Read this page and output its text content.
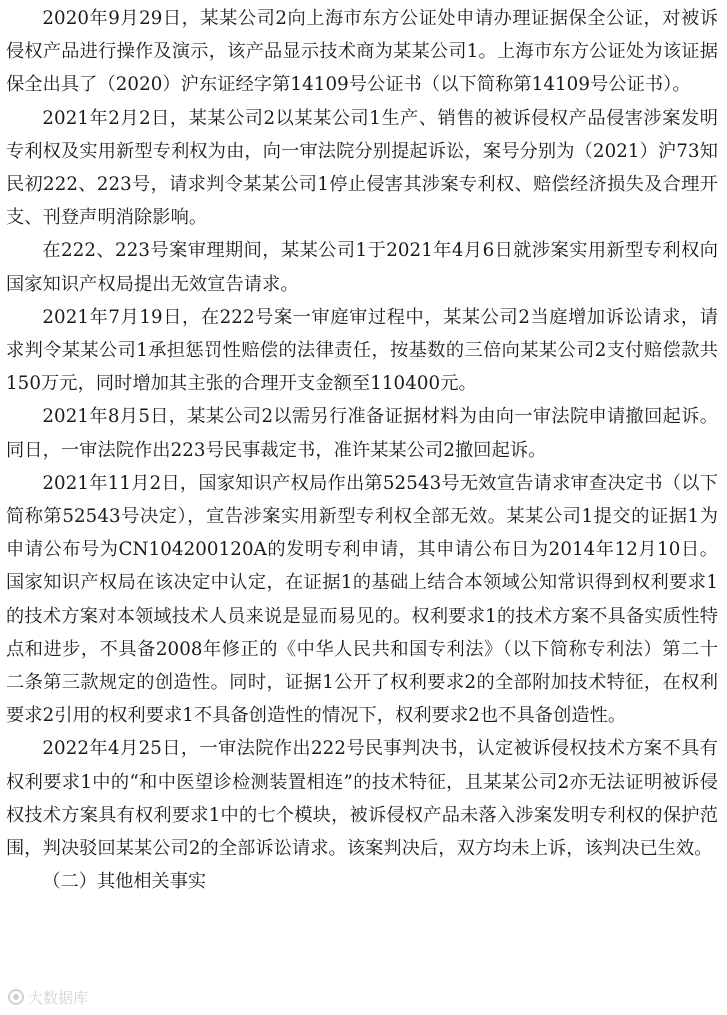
2020年9月29日，某某公司2向上海市东方公证处申请办理证据保全公证，对被诉侵权产品进行操作及演示，该产品显示技术商为某某公司1。上海市东方公证处为该证据保全出具了（2020）沪东证经字第14109号公证书（以下简称第14109号公证书）。

2021年2月2日，某某公司2以某某公司1生产、销售的被诉侵权产品侵害涉案发明专利权及实用新型专利权为由，向一审法院分别提起诉讼，案号分别为（2021）沪73知民初222、223号，请求判令某某公司1停止侵害其涉案专利权、赔偿经济损失及合理开支、刊登声明消除影响。

在222、223号案审理期间，某某公司1于2021年4月6日就涉案实用新型专利权向国家知识产权局提出无效宣告请求。

2021年7月19日，在222号案一审庭审过程中，某某公司2当庭增加诉讼请求，请求判令某某公司1承担惩罚性赔偿的法律责任，按基数的三倍向某某公司2支付赔偿款共150万元，同时增加其主张的合理开支金额至110400元。

2021年8月5日，某某公司2以需另行准备证据材料为由向一审法院申请撤回起诉。同日，一审法院作出223号民事裁定书，准许某某公司2撤回起诉。

2021年11月2日，国家知识产权局作出第52543号无效宣告请求审查决定书（以下简称第52543号决定），宣告涉案实用新型专利权全部无效。某某公司1提交的证据1为申请公布号为CN104200120A的发明专利申请，其申请公布日为2014年12月10日。国家知识产权局在该决定中认定，在证据1的基础上结合本领域公知常识得到权利要求1的技术方案对本领域技术人员来说是显而易见的。权利要求1的技术方案不具备实质性特点和进步，不具备2008年修正的《中华人民共和国专利法》（以下简称专利法）第二十二条第三款规定的创造性。同时，证据1公开了权利要求2的全部附加技术特征，在权利要求2引用的权利要求1不具备创造性的情况下，权利要求2也不具备创造性。

2022年4月25日，一审法院作出222号民事判决书，认定被诉侵权技术方案不具有权利要求1中的“和中医望诊检测装置相连”的技术特征，且某某公司2亦无法证明被诉侵权技术方案具有权利要求1中的七个模块，被诉侵权产品未落入涉案发明专利权的保护范围，判决驳回某某公司2的全部诉讼请求。该案判决后，双方均未上诉，该判决已生效。

（二）其他相关事实

大数据库
